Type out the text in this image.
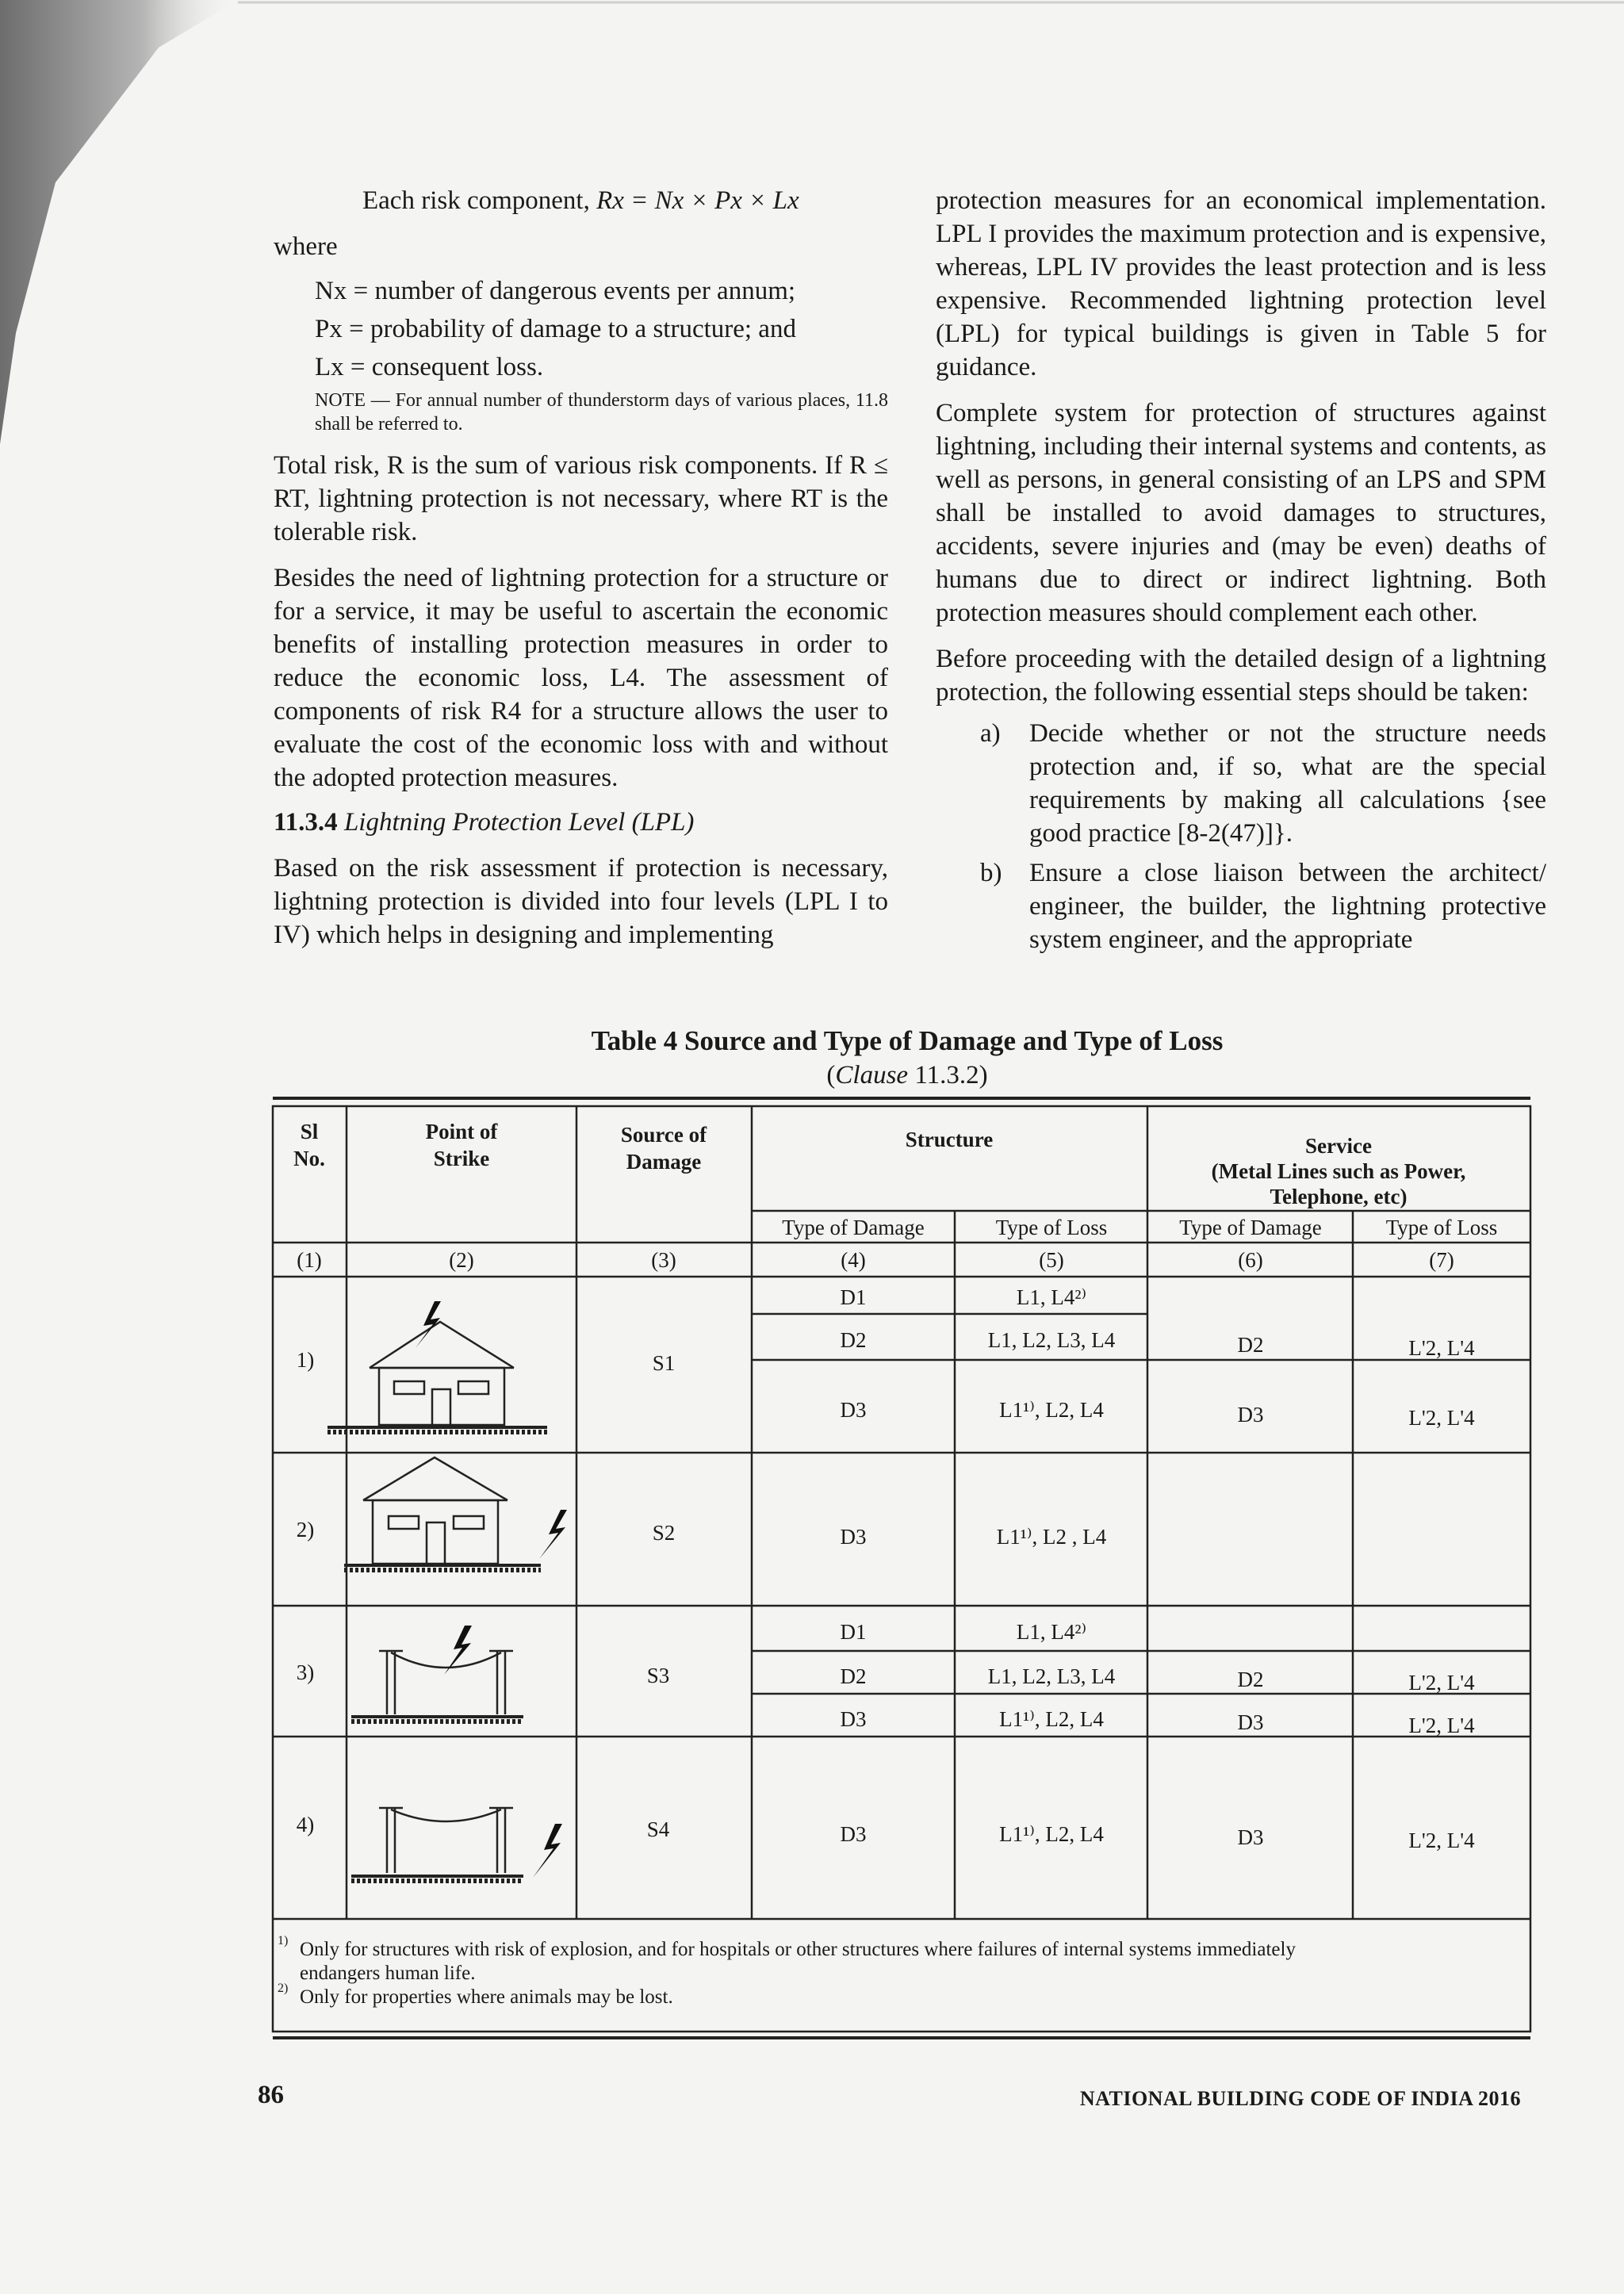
Each risk component, Rx = Nx × Px × Lx

where

Nx = number of dangerous events per annum;

Px = probability of damage to a structure; and

Lx = consequent loss.

NOTE — For annual number of thunderstorm days of various places, 11.8 shall be referred to.

Total risk, R is the sum of various risk components. If R ≤ RT, lightning protection is not necessary, where RT is the tolerable risk.

Besides the need of lightning protection for a structure or for a service, it may be useful to ascertain the economic benefits of installing protection measures in order to reduce the economic loss, L4. The assessment of components of risk R4 for a structure allows the user to evaluate the cost of the economic loss with and without the adopted protection measures.

11.3.4 Lightning Protection Level (LPL)

Based on the risk assessment if protection is necessary, lightning protection is divided into four levels (LPL I to IV) which helps in designing and implementing

protection measures for an economical implementation. LPL I provides the maximum protection and is expensive, whereas, LPL IV provides the least protection and is less expensive. Recommended lightning protection level (LPL) for typical buildings is given in Table 5 for guidance.

Complete system for protection of structures against lightning, including their internal systems and contents, as well as persons, in general consisting of an LPS and SPM shall be installed to avoid damages to structures, accidents, severe injuries and (may be even) deaths of humans due to direct or indirect lightning. Both protection measures should complement each other.

Before proceeding with the detailed design of a lightning protection, the following essential steps should be taken:

a)	Decide whether or not the structure needs protection and, if so, what are the special requirements by making all calculations {see good practice [8-2(47)]}.
b)	Ensure a close liaison between the architect/ engineer, the builder, the lightning protective system engineer, and the appropriate
Table 4 Source and Type of Damage and Type of Loss
(Clause 11.3.2)
Sl
No.
Point of
Strike
Source of
Damage
Structure	Service
(Metal Lines such as Power,
Telephone, etc)
Type of Damage	Type of Loss	Type of Damage	Type of Loss
(1)	(2)	(3)	(4)	(5)	(6)	(7)
1)	S1
D1	L1, L4²⁾
D2	L1, L2, L3, L4	D2	L'2, L'4
D3	L1¹⁾, L2, L4	D3	L'2, L'4
2)	S2	D3	L1¹⁾, L2 , L4
3)	S3
D1	L1, L4²⁾
D2	L1, L2, L3, L4	D2	L'2, L'4
D3	L1¹⁾, L2, L4	D3	L'2, L'4
4)	S4	D3	L1¹⁾, L2, L4	D3	L'2, L'4
1) Only for structures with risk of explosion, and for hospitals or other structures where failures of internal systems immediately
endangers human life.
2) Only for properties where animals may be lost.
86	NATIONAL BUILDING CODE OF INDIA 2016
